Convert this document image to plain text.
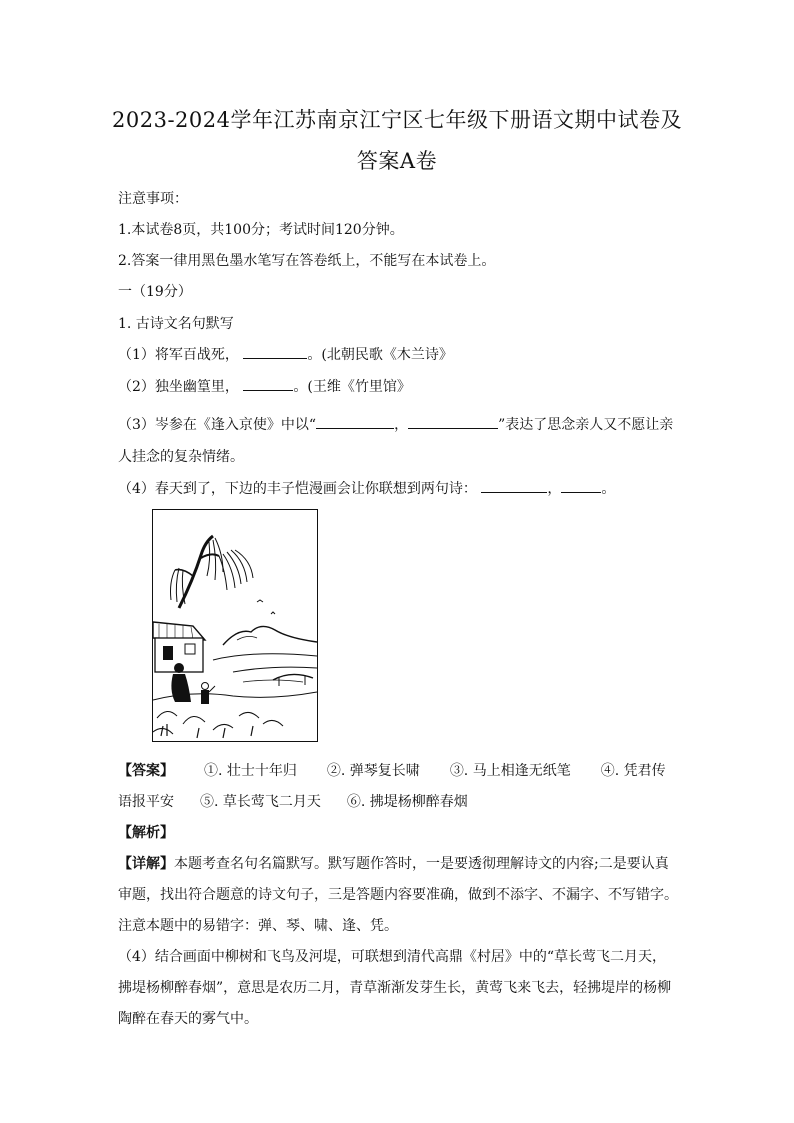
2023-2024学年江苏南京江宁区七年级下册语文期中试卷及
答案A卷
注意事项：
1.本试卷8页，共100分；考试时间120分钟。
2.答案一律用黑色墨水笔写在答卷纸上，不能写在本试卷上。
一（19分）
1. 古诗文名句默写
（1）将军百战死，	。(北朝民歌《木兰诗》
（2）独坐幽篁里，	。(王维《竹里馆》
（3）岑参在《逢入京使》中以“	，	”表达了思念亲人又不愿让亲
人挂念的复杂情绪。
（4）春天到了，下边的丰子恺漫画会让你联想到两句诗：	，	。
【答案】 ①. 壮士十年归 ②. 弹琴复长啸 ③. 马上相逢无纸笔 ④. 凭君传
语报平安 ⑤. 草长莺飞二月天 ⑥. 拂堤杨柳醉春烟
【解析】
【详解】本题考查名句名篇默写。默写题作答时，一是要透彻理解诗文的内容;二是要认真
审题，找出符合题意的诗文句子，三是答题内容要准确，做到不添字、不漏字、不写错字。
注意本题中的易错字：弹、琴、啸、逢、凭。
（4）结合画面中柳树和飞鸟及河堤，可联想到清代高鼎《村居》中的“草长莺飞二月天，
拂堤杨柳醉春烟”，意思是农历二月，青草渐渐发芽生长，黄莺飞来飞去，轻拂堤岸的杨柳
陶醉在春天的雾气中。
